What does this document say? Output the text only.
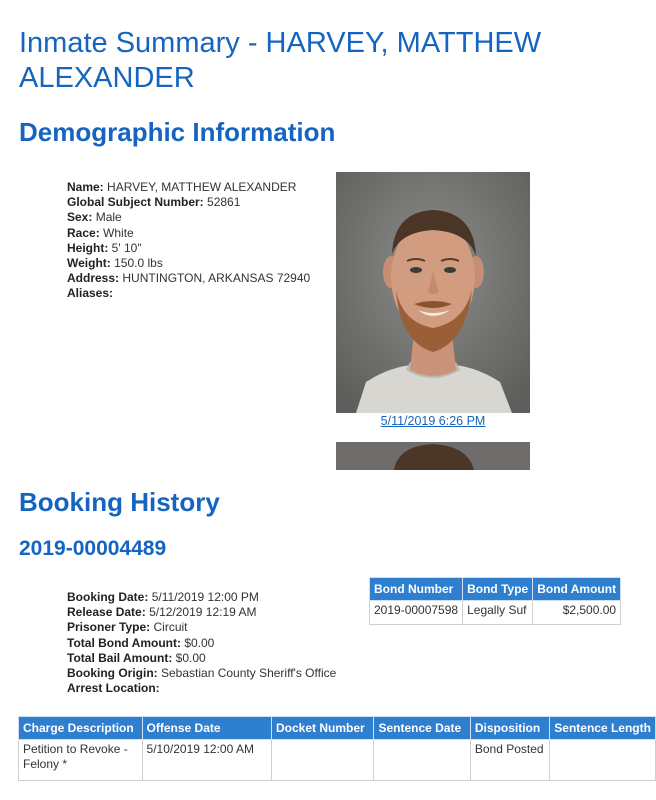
Inmate Summary - HARVEY, MATTHEW ALEXANDER
Demographic Information
Name: HARVEY, MATTHEW ALEXANDER
Global Subject Number: 52861
Sex: Male
Race: White
Height: 5' 10"
Weight: 150.0 lbs
Address: HUNTINGTON, ARKANSAS 72940
Aliases:
5/11/2019 6:26 PM
Booking History
2019-00004489
Booking Date: 5/11/2019 12:00 PM
Release Date: 5/12/2019 12:19 AM
Prisoner Type: Circuit
Total Bond Amount: $0.00
Total Bail Amount: $0.00
Booking Origin: Sebastian County Sheriff's Office
Arrest Location:
Bond Number	Bond Type	Bond Amount
2019-00007598	Legally Suf	$2,500.00
Charge Description	Offense Date	Docket Number	Sentence Date	Disposition	Sentence Length
Petition to Revoke - Felony *	5/10/2019 12:00 AM			Bond Posted	
